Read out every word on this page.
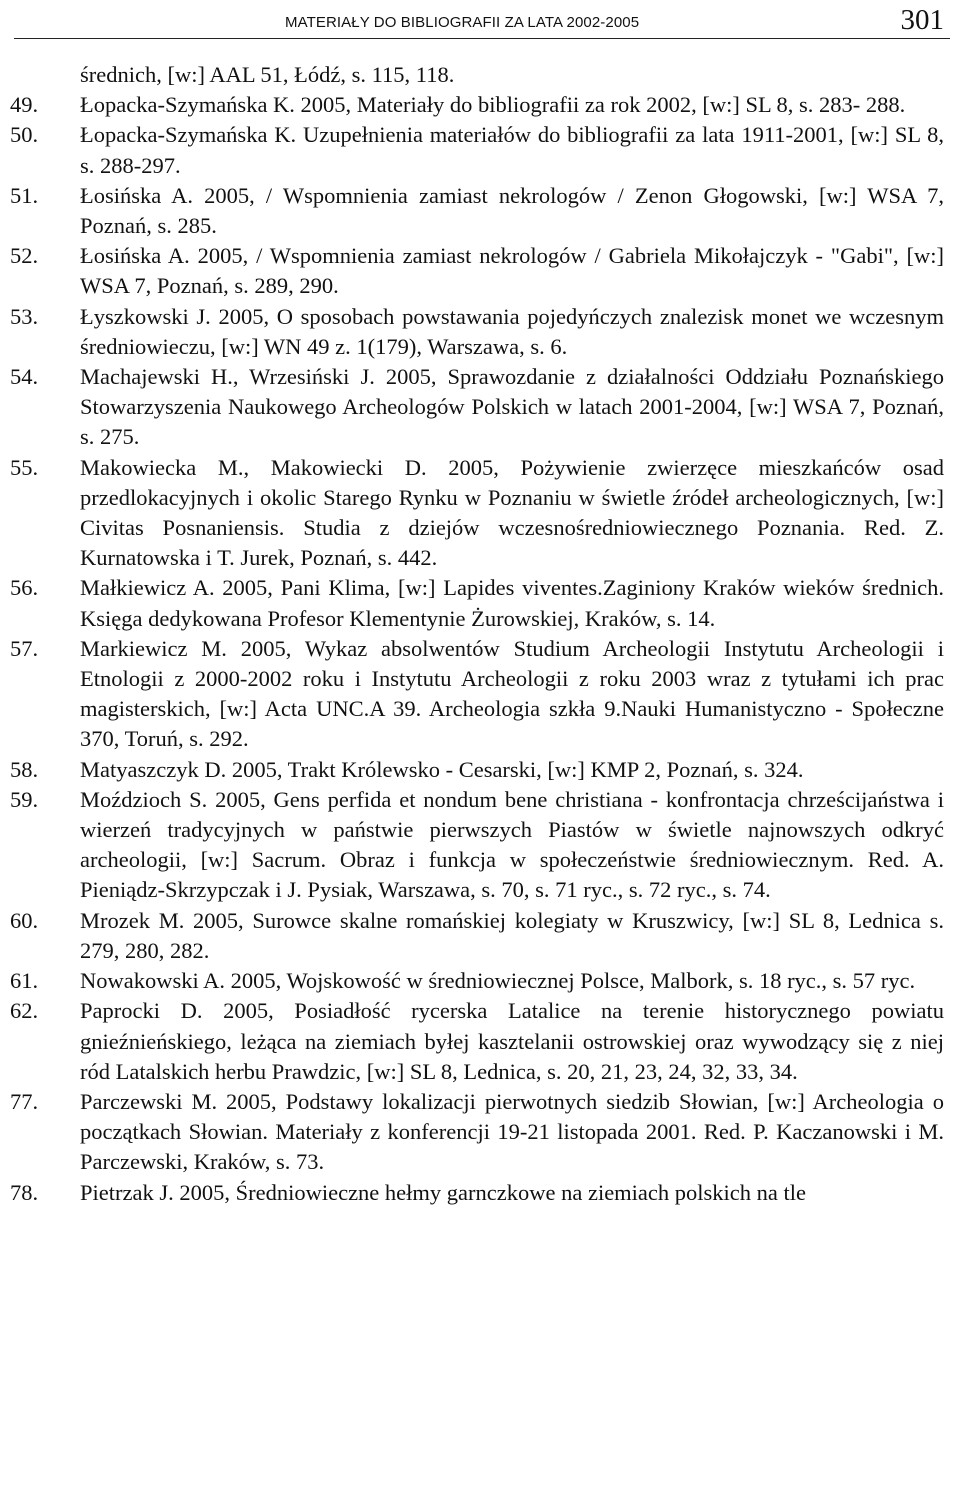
MATERIAŁY DO BIBLIOGRAFII ZA LATA 2002-2005	301
średnich, [w:] AAL 51, Łódź, s. 115, 118.
49. Łopacka-Szymańska K. 2005, Materiały do bibliografii za rok 2002, [w:] SL 8, s. 283- 288.
50. Łopacka-Szymańska K. Uzupełnienia materiałów do bibliografii za lata 1911-2001, [w:] SL 8, s. 288-297.
51. Łosińska A. 2005, / Wspomnienia zamiast nekrologów / Zenon Głogowski, [w:] WSA 7, Poznań, s. 285.
52. Łosińska A. 2005, / Wspomnienia zamiast nekrologów / Gabriela Mikołajczyk - "Gabi", [w:] WSA 7, Poznań, s. 289, 290.
53. Łyszkowski J. 2005, O sposobach powstawania pojedyńczych znalezisk monet we wczesnym średniowieczu, [w:] WN 49 z. 1(179), Warszawa, s. 6.
54. Machajewski H., Wrzesiński J. 2005, Sprawozdanie z działalności Oddziału Poznańskiego Stowarzyszenia Naukowego Archeologów Polskich w latach 2001-2004, [w:] WSA 7, Poznań, s. 275.
55. Makowiecka M., Makowiecki D. 2005, Pożywienie zwierzęce mieszkańców osad przedlokacyjnych i okolic Starego Rynku w Poznaniu w świetle źródeł archeologicznych, [w:] Civitas Posnaniensis. Studia z dziejów wczesnośredniowiecznego Poznania. Red. Z. Kurnatowska i T. Jurek, Poznań, s. 442.
56. Małkiewicz A. 2005, Pani Klima, [w:] Lapides viventes.Zaginiony Kraków wieków średnich. Księga dedykowana Profesor Klementynie Żurowskiej, Kraków, s. 14.
57. Markiewicz M. 2005, Wykaz absolwentów Studium Archeologii Instytutu Archeologii i Etnologii z 2000-2002 roku i Instytutu Archeologii z roku 2003 wraz z tytułami ich prac magisterskich, [w:] Acta UNC.A 39. Archeologia szkła 9.Nauki Humanistyczno - Społeczne 370, Toruń, s. 292.
58. Matyaszczyk D. 2005, Trakt Królewsko - Cesarski, [w:] KMP 2, Poznań, s. 324.
59. Moździoch S. 2005, Gens perfida et nondum bene christiana - konfrontacja chrześcijaństwa i wierzeń tradycyjnych w państwie pierwszych Piastów w świetle najnowszych odkryć archeologii, [w:] Sacrum. Obraz i funkcja w społeczeństwie średniowiecznym. Red. A. Pieniądz-Skrzypczak i J. Pysiak, Warszawa, s. 70, s. 71 ryc., s. 72 ryc., s. 74.
60. Mrozek M. 2005, Surowce skalne romańskiej kolegiaty w Kruszwicy, [w:] SL 8, Lednica s. 279, 280, 282.
61. Nowakowski A. 2005, Wojskowość w średniowiecznej Polsce, Malbork, s. 18 ryc., s. 57 ryc.
62. Paprocki D. 2005, Posiadłość rycerska Latalice na terenie historycznego powiatu gnieźnieńskiego, leżąca na ziemiach byłej kasztelanii ostrowskiej oraz wywodzący się z niej ród Latalskich herbu Prawdzic, [w:] SL 8, Lednica, s. 20, 21, 23, 24, 32, 33, 34.
77. Parczewski M. 2005, Podstawy lokalizacji pierwotnych siedzib Słowian, [w:] Archeologia o początkach Słowian. Materiały z konferencji 19-21 listopada 2001. Red. P. Kaczanowski i M. Parczewski, Kraków, s. 73.
78. Pietrzak J. 2005, Średniowieczne hełmy garnczkowe na ziemiach polskich na tle
